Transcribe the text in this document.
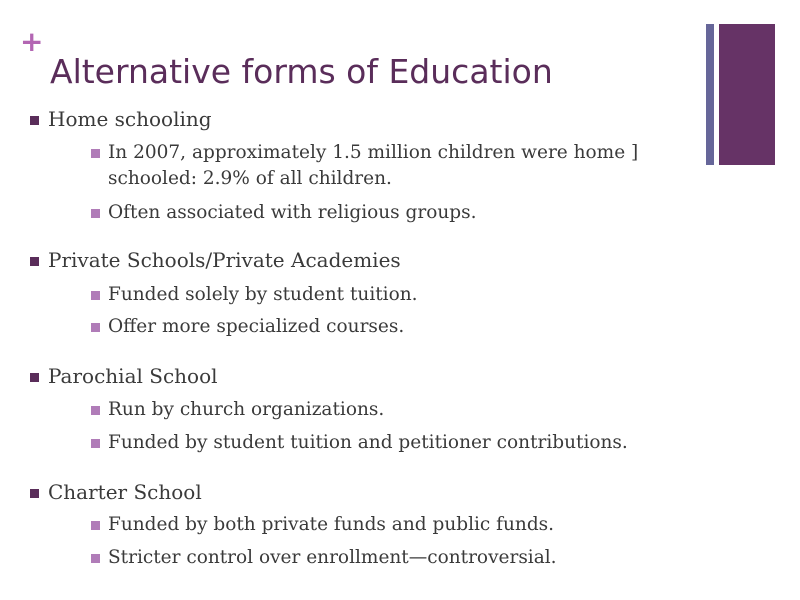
+
Alternative forms of Education

Home schooling

In 2007, approximately 1.5 million children were home ]

schooled: 2.9% of all children.

Often associated with religious groups.

Private Schools/Private Academies

Funded solely by student tuition.

Offer more specialized courses.

Parochial School

Run by church organizations.

Funded by student tuition and petitioner contributions.

Charter School

Funded by both private funds and public funds.

Stricter control over enrollment—controversial.
